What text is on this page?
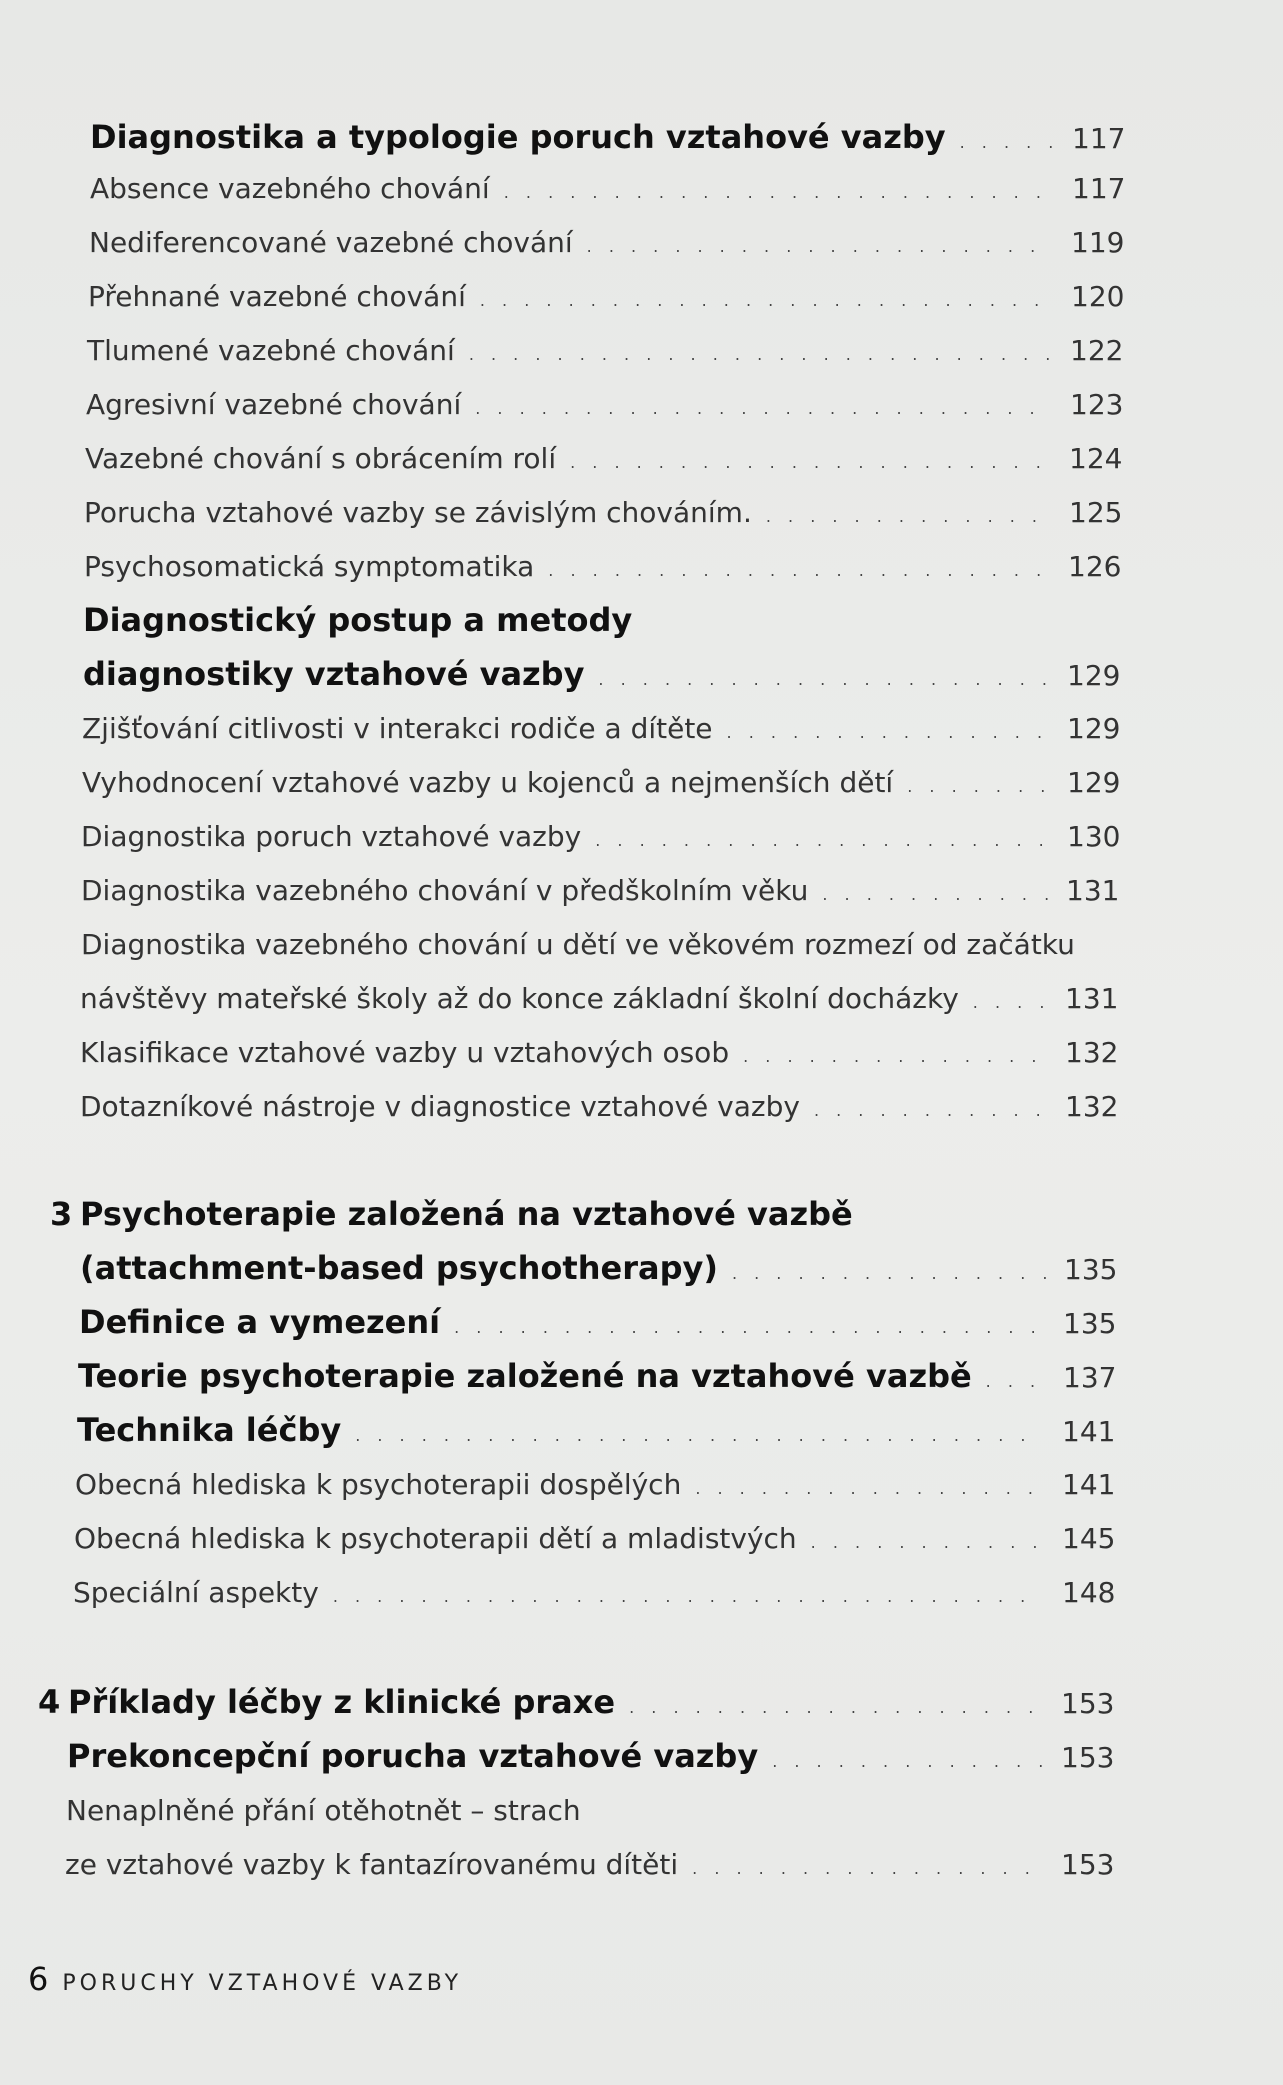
Diagnostika a typologie poruch vztahové vazby . . .	117
Absence vazebného chování . . .	117
Nediferencované vazebné chování . . .	119
Přehnané vazebné chování . . .	120
Tlumené vazebné chování . . .	122
Agresivní vazebné chování . . .	123
Vazebné chování s obrácením rolí . . .	124
Porucha vztahové vazby se závislým chováním. . . .	125
Psychosomatická symptomatika . . .	126
Diagnostický postup a metody
diagnostiky vztahové vazby . . .	129
Zjišťování citlivosti v interakci rodiče a dítěte . . .	129
Vyhodnocení vztahové vazby u kojenců a nejmenších dětí . . .	129
Diagnostika poruch vztahové vazby . . .	130
Diagnostika vazebného chování v předškolním věku . . .	131
Diagnostika vazebného chování u dětí ve věkovém rozmezí od začátku
návštěvy mateřské školy až do konce základní školní docházky . . .	131
Klasifikace vztahové vazby u vztahových osob . . .	132
Dotazníkové nástroje v diagnostice vztahové vazby . . .	132
3 Psychoterapie založená na vztahové vazbě
(attachment-based psychotherapy) . . .	135
Definice a vymezení . . .	135
Teorie psychoterapie založené na vztahové vazbě . . .	137
Technika léčby . . .	141
Obecná hlediska k psychoterapii dospělých . . .	141
Obecná hlediska k psychoterapii dětí a mladistvých . . .	145
Speciální aspekty . . .	148
4 Příklady léčby z klinické praxe . . .	153
Prekoncepční porucha vztahové vazby . . .	153
Nenaplněné přání otěhotnět – strach
ze vztahové vazby k fantazírovanému dítěti . . .	153
6 PORUCHY VZTAHOVÉ VAZBY
